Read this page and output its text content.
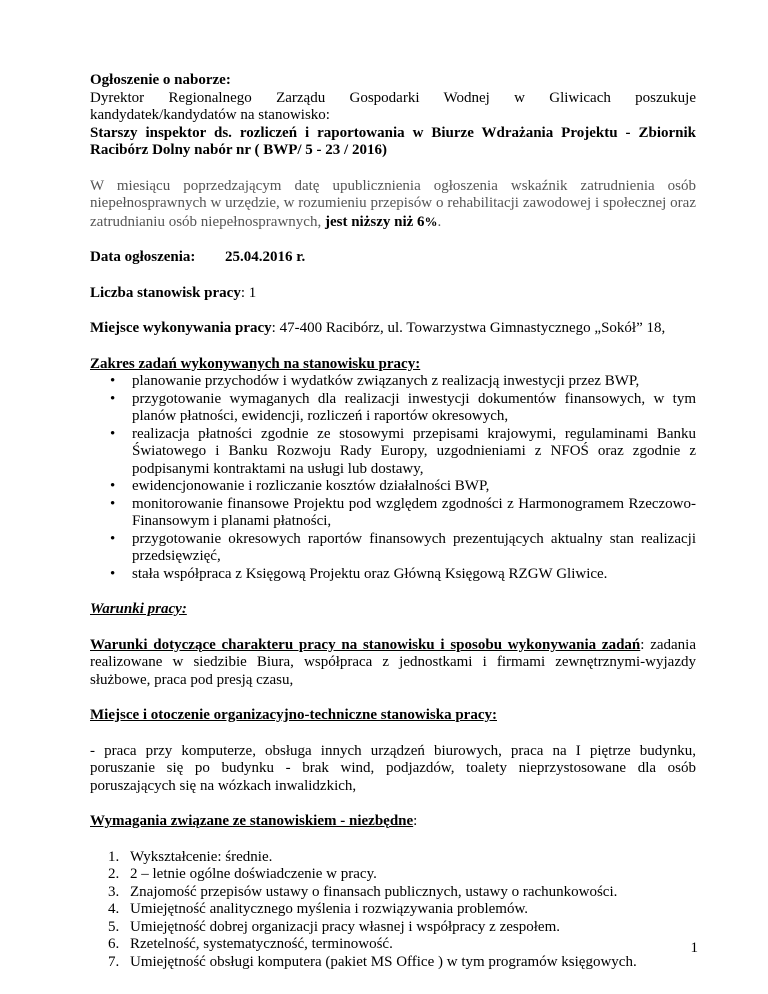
Ogłoszenie o naborze:

Dyrektor Regionalnego Zarządu Gospodarki Wodnej w Gliwicach poszukuje

kandydatek/kandydatów na stanowisko:

Starszy inspektor ds. rozliczeń i raportowania w Biurze Wdrażania Projektu - Zbiornik Racibórz Dolny nabór nr ( BWP/ 5 - 23 / 2016)

W miesiącu poprzedzającym datę upublicznienia ogłoszenia wskaźnik zatrudnienia osób niepełnosprawnych w urzędzie, w rozumieniu przepisów o rehabilitacji zawodowej i społecznej oraz zatrudnianiu osób niepełnosprawnych, jest niższy niż 6%.

Data ogłoszenia:	25.04.2016 r.

Liczba stanowisk pracy: 1

Miejsce wykonywania pracy: 47-400 Racibórz, ul. Towarzystwa Gimnastycznego „Sokół” 18,

Zakres zadań wykonywanych na stanowisku pracy:

• planowanie przychodów i wydatków związanych z realizacją inwestycji przez BWP,
• przygotowanie wymaganych dla realizacji inwestycji dokumentów finansowych, w tym planów płatności, ewidencji, rozliczeń i raportów okresowych,
• realizacja płatności zgodnie ze stosowymi przepisami krajowymi, regulaminami Banku Światowego i Banku Rozwoju Rady Europy, uzgodnieniami z NFOŚ oraz zgodnie z podpisanymi kontraktami na usługi lub dostawy,
• ewidencjonowanie i rozliczanie kosztów działalności BWP,
• monitorowanie finansowe Projektu pod względem zgodności z Harmonogramem Rzeczowo-Finansowym i planami płatności,
• przygotowanie okresowych raportów finansowych prezentujących aktualny stan realizacji przedsięwzięć,
• stała współpraca z Księgową Projektu oraz Główną Księgową RZGW Gliwice.

Warunki pracy:

Warunki dotyczące charakteru pracy na stanowisku i sposobu wykonywania zadań: zadania realizowane w siedzibie Biura, współpraca z jednostkami i firmami zewnętrznymi-wyjazdy służbowe, praca pod presją czasu,

Miejsce i otoczenie organizacyjno-techniczne stanowiska pracy:

- praca przy komputerze, obsługa innych urządzeń biurowych, praca na I piętrze budynku, poruszanie się po budynku - brak wind, podjazdów, toalety nieprzystosowane dla osób poruszających się na wózkach inwalidzkich,

Wymagania związane ze stanowiskiem - niezbędne:

1. Wykształcenie: średnie.
2. 2 – letnie ogólne doświadczenie w pracy.
3. Znajomość przepisów ustawy o finansach publicznych, ustawy o rachunkowości.
4. Umiejętność analitycznego myślenia i rozwiązywania problemów.
5. Umiejętność dobrej organizacji pracy własnej i współpracy z zespołem.
6. Rzetelność, systematyczność, terminowość.
7. Umiejętność obsługi komputera (pakiet MS Office ) w tym programów księgowych.
1
